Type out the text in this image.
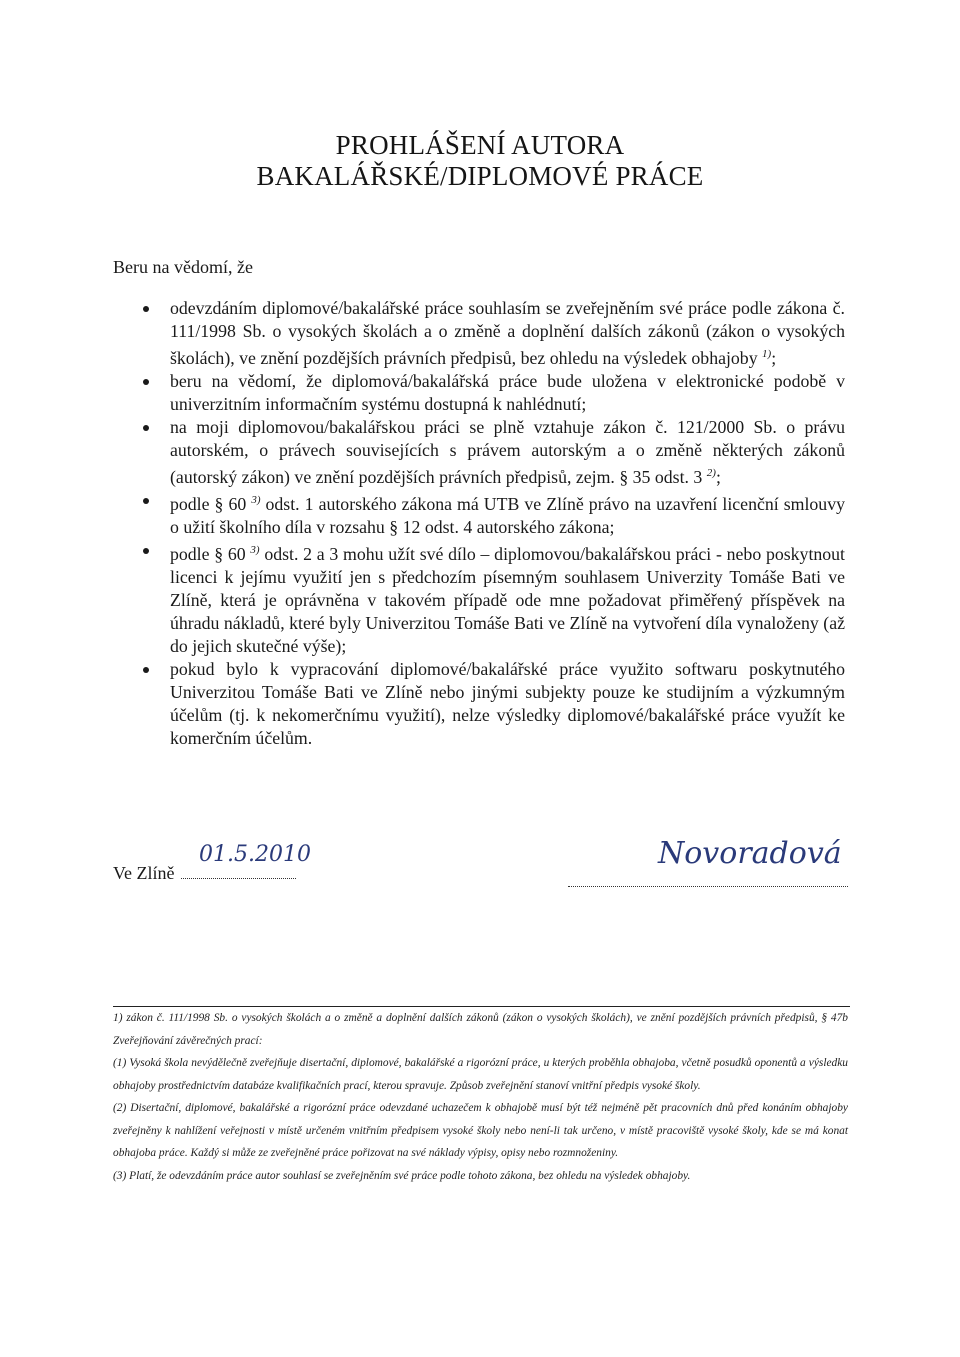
PROHLÁŠENÍ AUTORA
BAKALÁŘSKÉ/DIPLOMOVÉ PRÁCE
Beru na vědomí, že
odevzdáním diplomové/bakalářské práce souhlasím se zveřejněním své práce podle zákona č. 111/1998 Sb. o vysokých školách a o změně a doplnění dalších zákonů (zákon o vysokých školách), ve znění pozdějších právních předpisů, bez ohledu na výsledek obhajoby $^{1)}$;
beru na vědomí, že diplomová/bakalářská práce bude uložena v elektronické podobě v univerzitním informačním systému dostupná k nahlédnutí;
na moji diplomovou/bakalářskou práci se plně vztahuje zákon č. 121/2000 Sb. o právu autorském, o právech souvisejících s právem autorským a o změně některých zákonů (autorský zákon) ve znění pozdějších právních předpisů, zejm. § 35 odst. 3 $^{2)}$;
podle § 60 $^{3)}$ odst. 1 autorského zákona má UTB ve Zlíně právo na uzavření licenční smlouvy o užití školního díla v rozsahu § 12 odst. 4 autorského zákona;
podle § 60 $^{3)}$ odst. 2 a 3 mohu užít své dílo – diplomovou/bakalářskou práci - nebo poskytnout licenci k jejímu využití jen s předchozím písemným souhlasem Univerzity Tomáše Bati ve Zlíně, která je oprávněna v takovém případě ode mne požadovat přiměřený příspěvek na úhradu nákladů, které byly Univerzitou Tomáše Bati ve Zlíně na vytvoření díla vynaloženy (až do jejich skutečné výše);
pokud bylo k vypracování diplomové/bakalářské práce využito softwaru poskytnutého Univerzitou Tomáše Bati ve Zlíně nebo jinými subjekty pouze ke studijním a výzkumným účelům (tj. k nekomerčnímu využití), nelze výsledky diplomové/bakalářské práce využít ke komerčním účelům.
Ve Zlíně
01.5.2010	Novoradová

1) zákon č. 111/1998 Sb. o vysokých školách a o změně a doplnění dalších zákonů (zákon o vysokých školách), ve znění pozdějších právních předpisů, § 47b Zveřejňování závěrečných prací:

(1) Vysoká škola nevýdělečně zveřejňuje disertační, diplomové, bakalářské a rigorózní práce, u kterých proběhla obhajoba, včetně posudků oponentů a výsledku obhajoby prostřednictvím databáze kvalifikačních prací, kterou spravuje. Způsob zveřejnění stanoví vnitřní předpis vysoké školy.

(2) Disertační, diplomové, bakalářské a rigorózní práce odevzdané uchazečem k obhajobě musí být též nejméně pět pracovních dnů před konáním obhajoby zveřejněny k nahlížení veřejnosti v místě určeném vnitřním předpisem vysoké školy nebo není-li tak určeno, v místě pracoviště vysoké školy, kde se má konat obhajoba práce. Každý si může ze zveřejněné práce pořizovat na své náklady výpisy, opisy nebo rozmnoženiny.

(3) Platí, že odevzdáním práce autor souhlasí se zveřejněním své práce podle tohoto zákona, bez ohledu na výsledek obhajoby.
